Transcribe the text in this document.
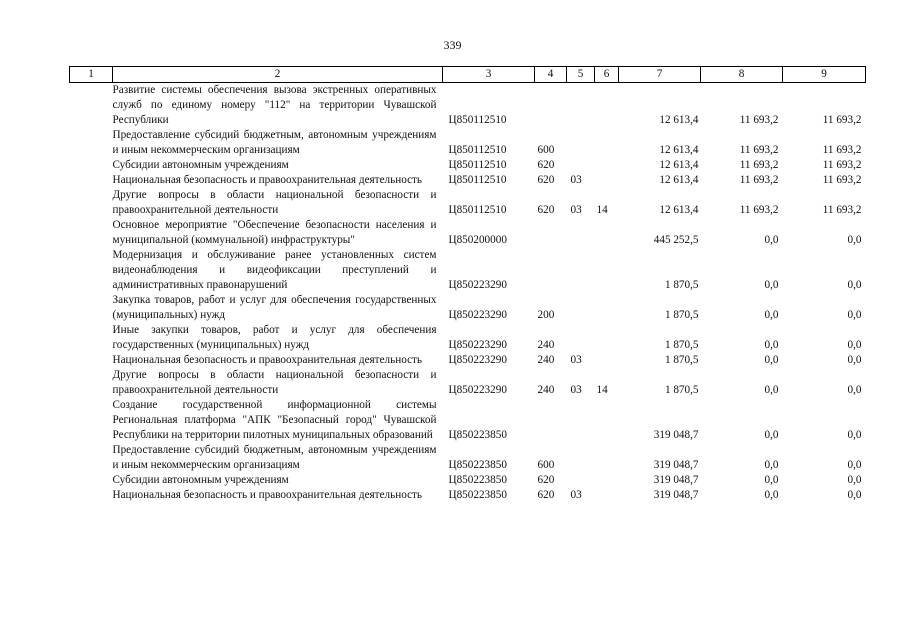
339
1	2	3	4	5	6	7	8	9
	Развитие системы обеспечения вызова экстренных оперативных служб по единому номеру "112" на территории Чувашской Республики	Ц850112510				12 613,4	11 693,2	11 693,2
	Предоставление субсидий бюджетным, автономным учреждениям и иным некоммерческим организациям	Ц850112510	600			12 613,4	11 693,2	11 693,2
	Субсидии автономным учреждениям	Ц850112510	620			12 613,4	11 693,2	11 693,2
	Национальная безопасность и правоохранительная деятельность	Ц850112510	620	03		12 613,4	11 693,2	11 693,2
	Другие вопросы в области национальной безопасности и правоохранительной деятельности	Ц850112510	620	03	14	12 613,4	11 693,2	11 693,2
	Основное мероприятие "Обеспечение безопасности населения и муниципальной (коммунальной) инфраструктуры"	Ц850200000				445 252,5	0,0	0,0
	Модернизация и обслуживание ранее установленных систем видеонаблюдения и видеофиксации преступлений и административных правонарушений	Ц850223290				1 870,5	0,0	0,0
	Закупка товаров, работ и услуг для обеспечения государственных (муниципальных) нужд	Ц850223290	200			1 870,5	0,0	0,0
	Иные закупки товаров, работ и услуг для обеспечения государственных (муниципальных) нужд	Ц850223290	240			1 870,5	0,0	0,0
	Национальная безопасность и правоохранительная деятельность	Ц850223290	240	03		1 870,5	0,0	0,0
	Другие вопросы в области национальной безопасности и правоохранительной деятельности	Ц850223290	240	03	14	1 870,5	0,0	0,0
	Создание государственной информационной системы Региональная платформа "АПК "Безопасный город" Чувашской Республики на территории пилотных муниципальных образований	Ц850223850				319 048,7	0,0	0,0
	Предоставление субсидий бюджетным, автономным учреждениям и иным некоммерческим организациям	Ц850223850	600			319 048,7	0,0	0,0
	Субсидии автономным учреждениям	Ц850223850	620			319 048,7	0,0	0,0
	Национальная безопасность и правоохранительная деятельность	Ц850223850	620	03		319 048,7	0,0	0,0
